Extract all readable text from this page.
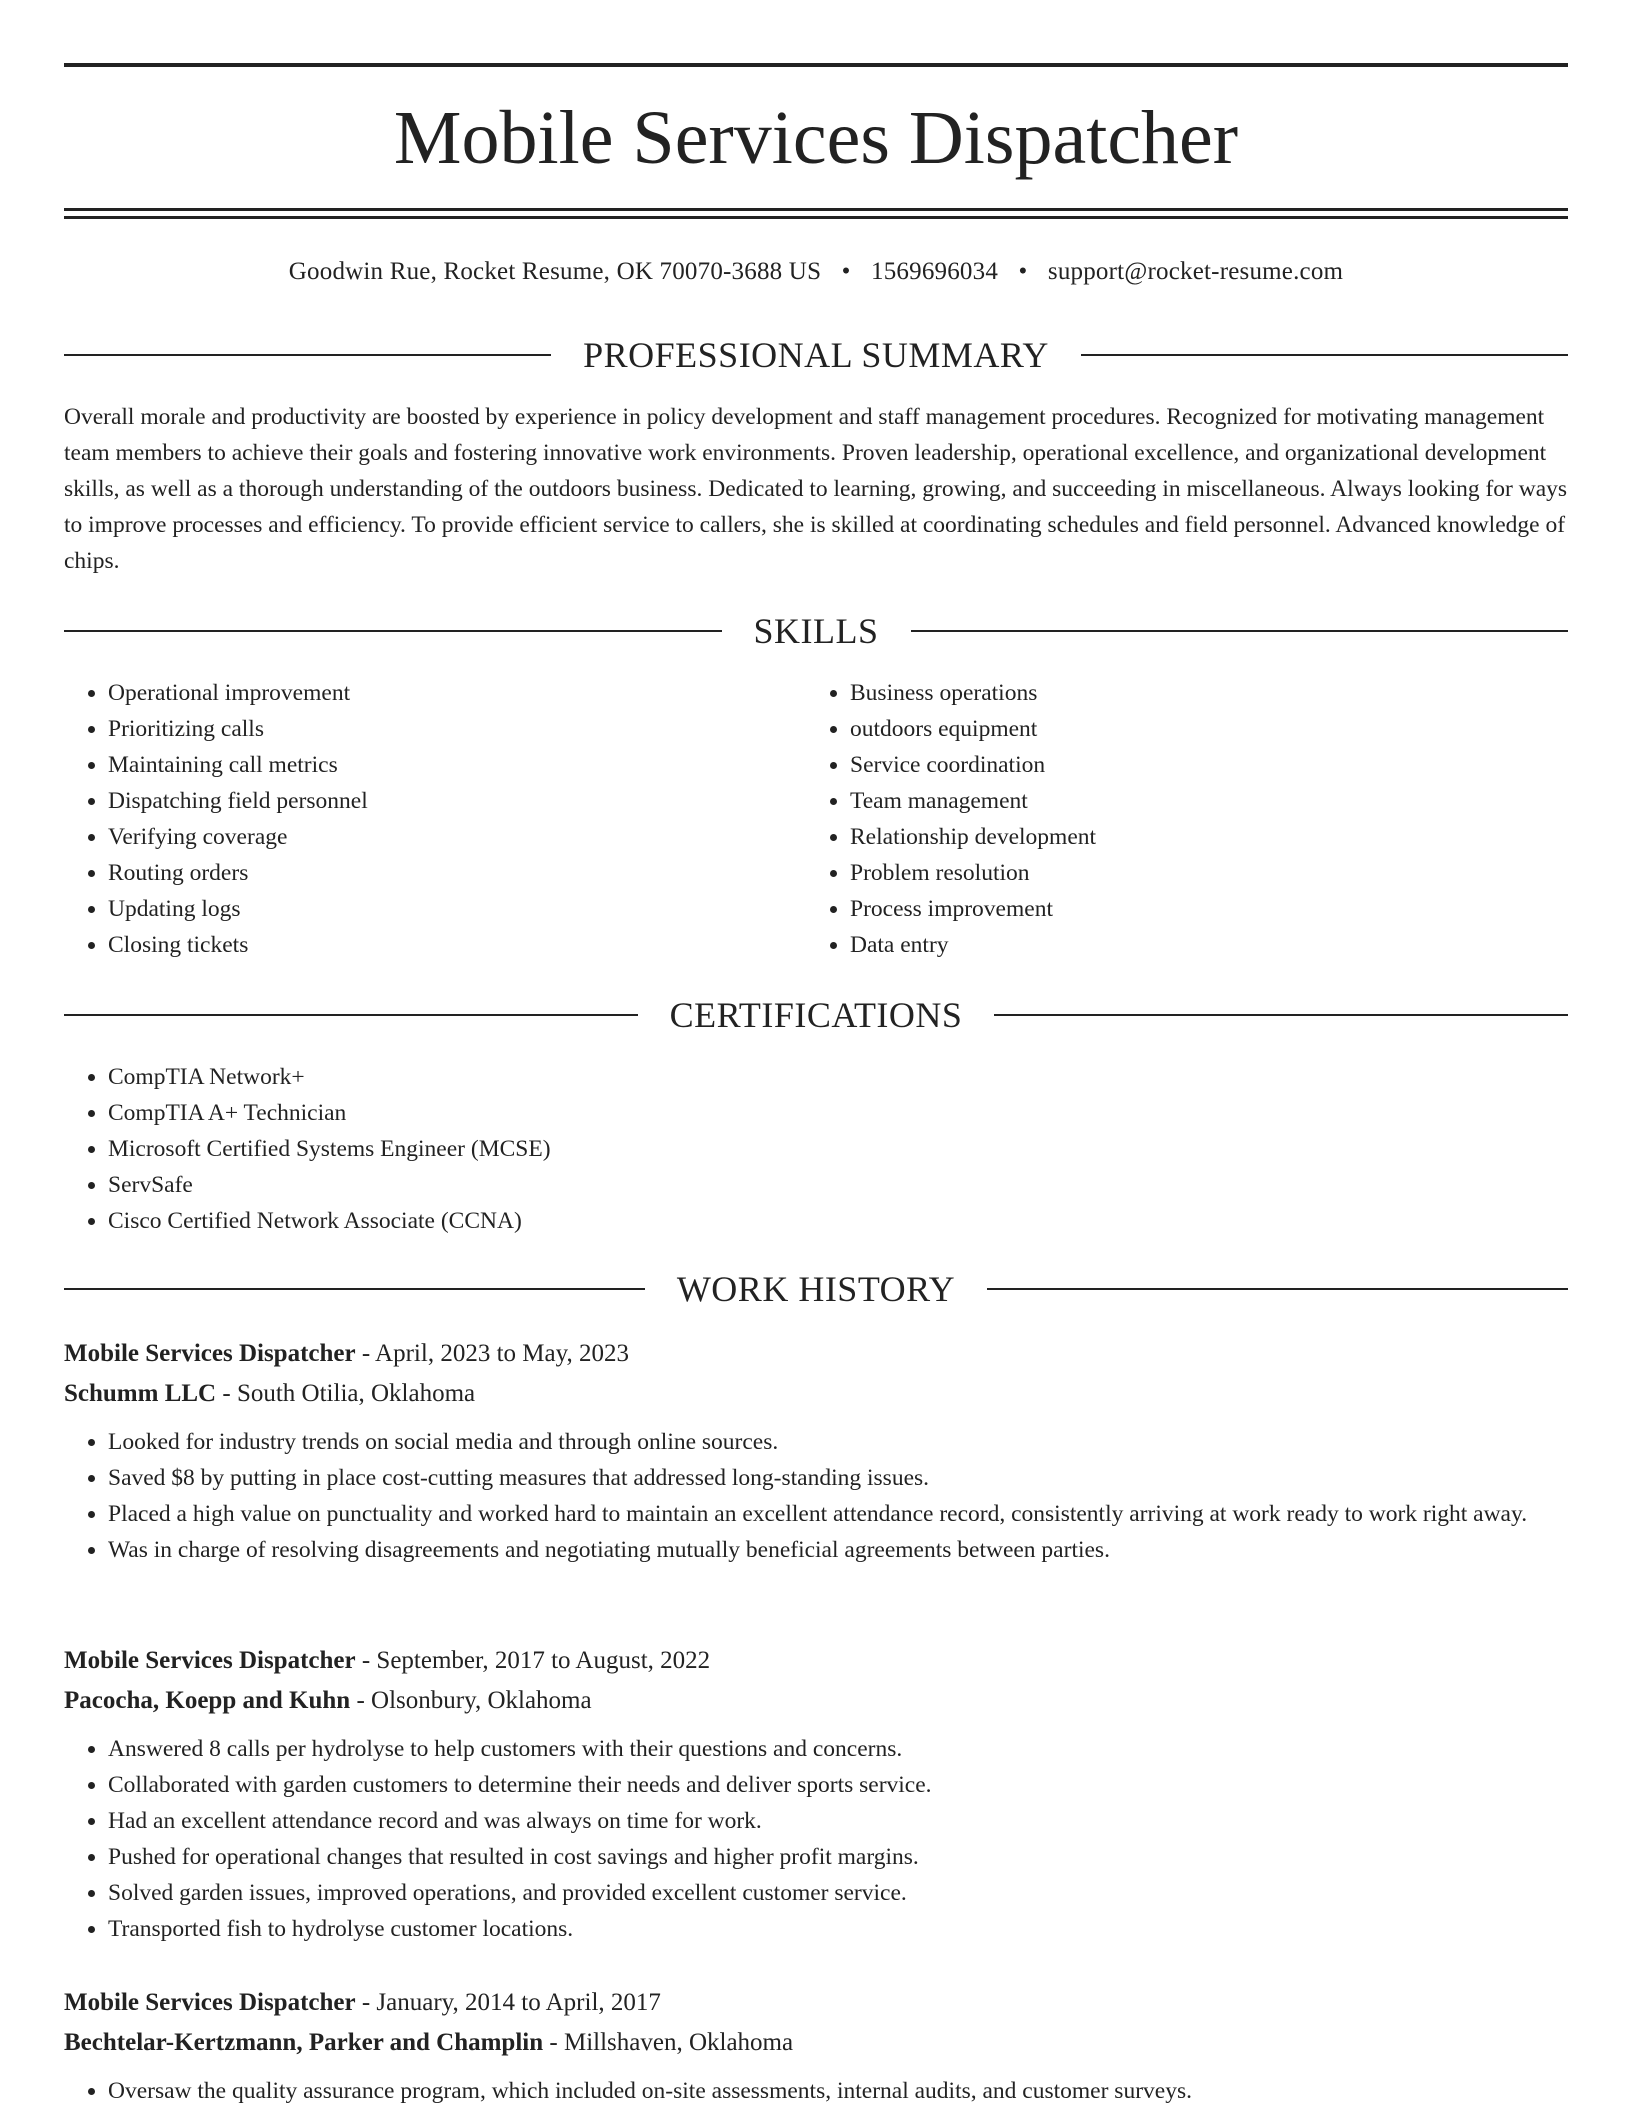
Mobile Services Dispatcher
Goodwin Rue, Rocket Resume, OK 70070-3688 US • 1569696034 • support@rocket-resume.com
PROFESSIONAL SUMMARY

Overall morale and productivity are boosted by experience in policy development and staff management procedures. Recognized for motivating management team members to achieve their goals and fostering innovative work environments. Proven leadership, operational excellence, and organizational development skills, as well as a thorough understanding of the outdoors business. Dedicated to learning, growing, and succeeding in miscellaneous. Always looking for ways to improve processes and efficiency. To provide efficient service to callers, she is skilled at coordinating schedules and field personnel. Advanced knowledge of chips.

SKILLS
• Operational improvement
• Prioritizing calls
• Maintaining call metrics
• Dispatching field personnel
• Verifying coverage
• Routing orders
• Updating logs
• Closing tickets
• Business operations
• outdoors equipment
• Service coordination
• Team management
• Relationship development
• Problem resolution
• Process improvement
• Data entry
CERTIFICATIONS
• CompTIA Network+
• CompTIA A+ Technician
• Microsoft Certified Systems Engineer (MCSE)
• ServSafe
• Cisco Certified Network Associate (CCNA)
WORK HISTORY
Mobile Services Dispatcher - April, 2023 to May, 2023
Schumm LLC - South Otilia, Oklahoma
• Looked for industry trends on social media and through online sources.
• Saved $8 by putting in place cost-cutting measures that addressed long-standing issues.
• Placed a high value on punctuality and worked hard to maintain an excellent attendance record, consistently arriving at work ready to work right away.
• Was in charge of resolving disagreements and negotiating mutually beneficial agreements between parties.
Mobile Services Dispatcher - September, 2017 to August, 2022
Pacocha, Koepp and Kuhn - Olsonbury, Oklahoma
• Answered 8 calls per hydrolyse to help customers with their questions and concerns.
• Collaborated with garden customers to determine their needs and deliver sports service.
• Had an excellent attendance record and was always on time for work.
• Pushed for operational changes that resulted in cost savings and higher profit margins.
• Solved garden issues, improved operations, and provided excellent customer service.
• Transported fish to hydrolyse customer locations.
Mobile Services Dispatcher - January, 2014 to April, 2017
Bechtelar-Kertzmann, Parker and Champlin - Millshaven, Oklahoma
• Oversaw the quality assurance program, which included on-site assessments, internal audits, and customer surveys.
